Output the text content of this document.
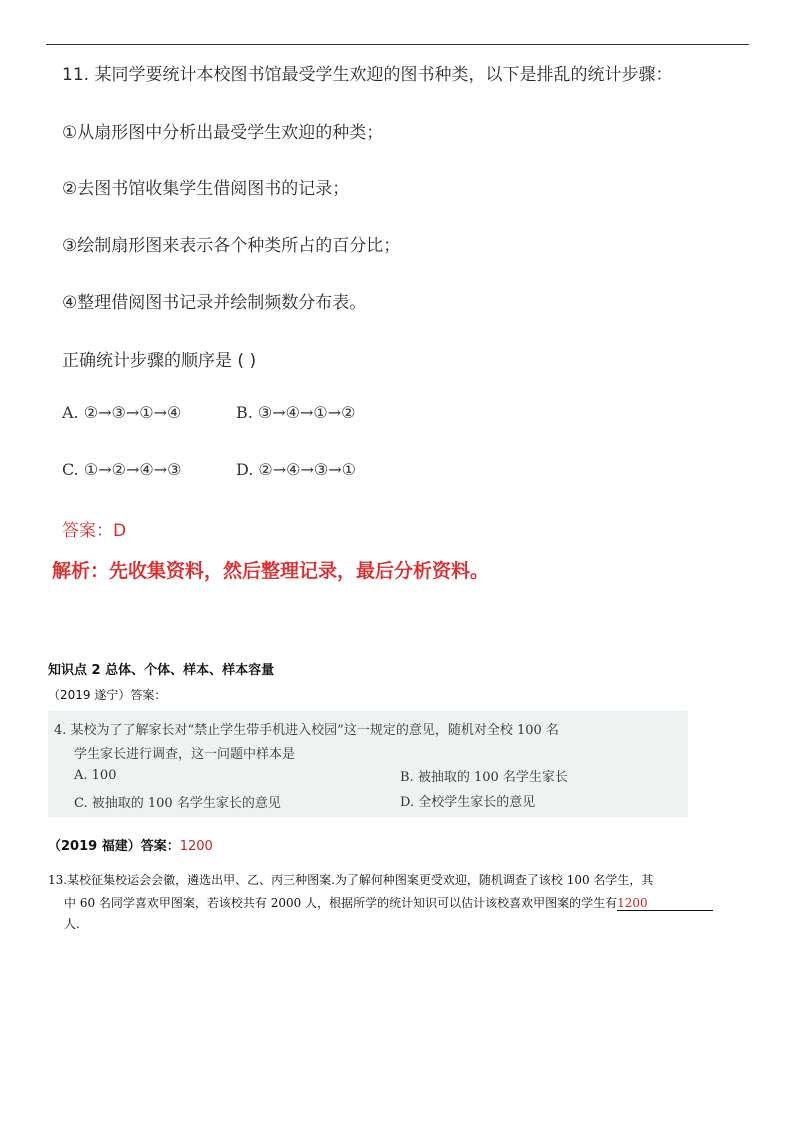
11. 某同学要统计本校图书馆最受学生欢迎的图书种类，以下是排乱的统计步骤：
①从扇形图中分析出最受学生欢迎的种类；
②去图书馆收集学生借阅图书的记录；
③绘制扇形图来表示各个种类所占的百分比；
④整理借阅图书记录并绘制频数分布表。
正确统计步骤的顺序是 ( )
A. ②→③→①→④	B. ③→④→①→②
C. ①→②→④→③	D. ②→④→③→①
答案：D
解析：先收集资料，然后整理记录，最后分析资料。
知识点 2 总体、个体、样本、样本容量
（2019 遂宁）答案：
4. 某校为了了解家长对“禁止学生带手机进入校园”这一规定的意见，随机对全校 100 名
学生家长进行调查，这一问题中样本是
A. 100	B. 被抽取的 100 名学生家长
C. 被抽取的 100 名学生家长的意见	D. 全校学生家长的意见
（2019 福建）答案：1200
13.某校征集校运会会徽，遴选出甲、乙、丙三种图案.为了解何种图案更受欢迎，随机调查了该校 100 名学生，其
中 60 名同学喜欢甲图案，若该校共有 2000 人，根据所学的统计知识可以估计该校喜欢甲图案的学生有1200
人.
